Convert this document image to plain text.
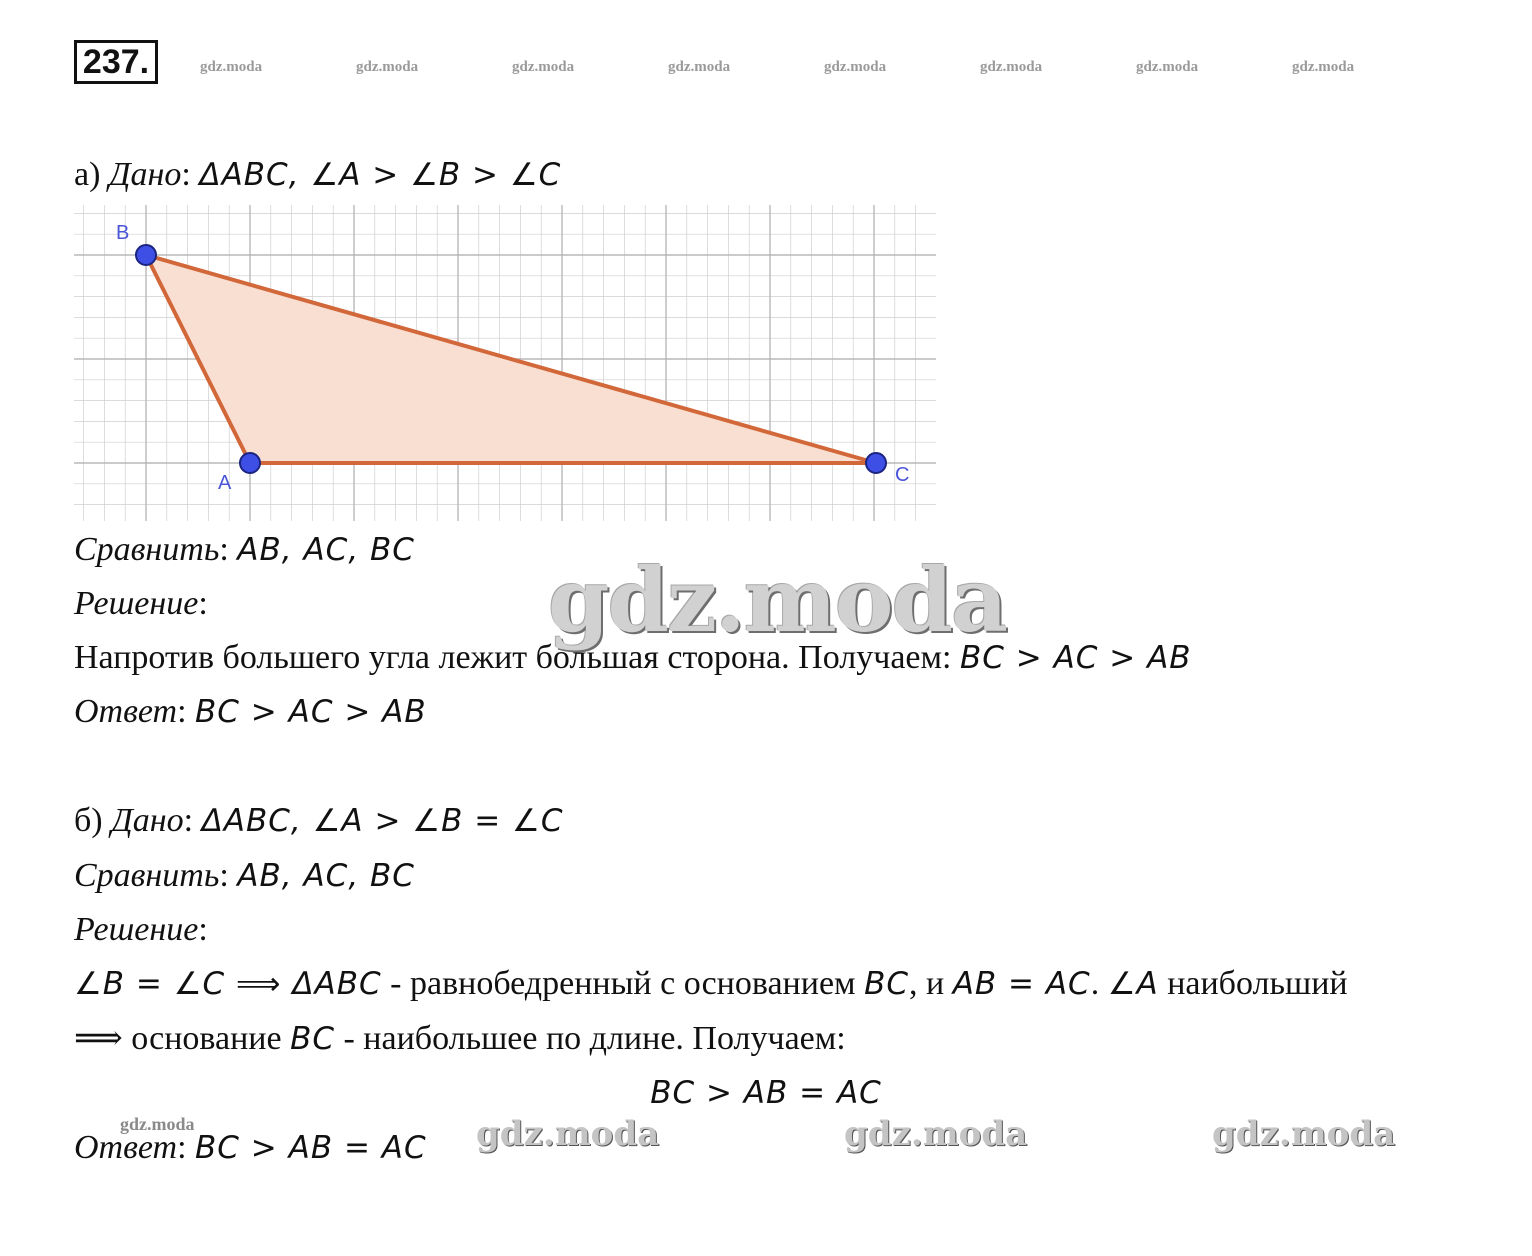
237.	gdz.moda	gdz.moda	gdz.moda	gdz.moda	gdz.moda	gdz.moda	gdz.moda	gdz.moda
а) Дано: ΔABC, ∠A > ∠B > ∠C
B
A	C
Сравнить: AB, AC, BC
Решение:
Напротив большего угла лежит большая сторона. Получаем: BC > AC > AB
Ответ: BC > AC > AB
gdz.moda
б) Дано: ΔABC, ∠A > ∠B = ∠C
Сравнить: AB, AC, BC
Решение:
∠B = ∠C ⟹ ΔABC - равнобедренный с основанием BC, и AB = AC. ∠A наибольший
⟹ основание BC - наибольшее по длине. Получаем:
BC > AB = AC
Ответ: BC > AB = AC
gdz.moda	gdz.moda	gdz.moda	gdz.moda
